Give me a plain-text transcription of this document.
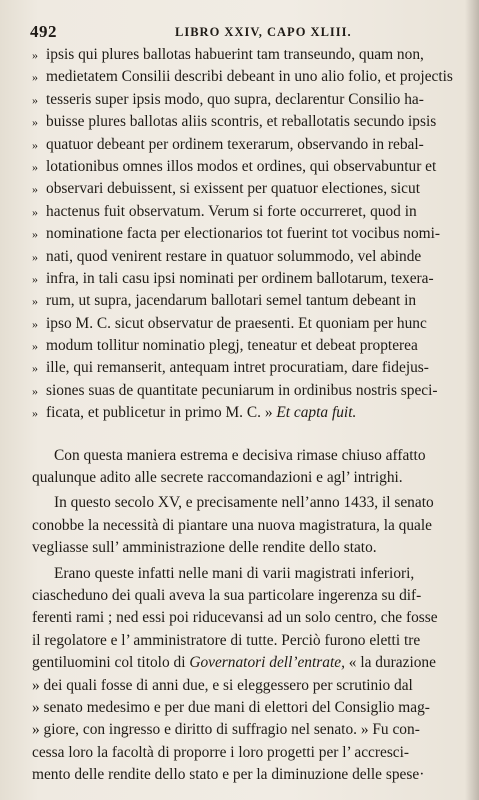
492	LIBRO XXIV, CAPO XLIII.
» ipsis qui plures ballotas habuerint tam transeundo, quam non,
» medietatem Consilii describi debeant in uno alio folio, et projectis
» tesseris super ipsis modo, quo supra, declarentur Consilio ha-
» buisse plures ballotas aliis scontris, et reballotatis secundo ipsis
» quatuor debeant per ordinem texerarum, observando in rebal-
» lotationibus omnes illos modos et ordines, qui observabuntur et
» observari debuissent, si exissent per quatuor electiones, sicut
» hactenus fuit observatum. Verum si forte occurreret, quod in
» nominatione facta per electionarios tot fuerint tot vocibus nomi-
» nati, quod venirent restare in quatuor solummodo, vel abinde
» infra, in tali casu ipsi nominati per ordinem ballotarum, texera-
» rum, ut supra, jacendarum ballotari semel tantum debeant in
» ipso M. C. sicut observatur de praesenti. Et quoniam per hunc
» modum tollitur nominatio plegj, teneatur et debeat propterea
» ille, qui remanserit, antequam intret procuratiam, dare fidejus-
» siones suas de quantitate pecuniarum in ordinibus nostris speci-
» ficata, et publicetur in primo M. C. » Et capta fuit.
Con questa maniera estrema e decisiva rimase chiuso affatto
qualunque adito alle secrete raccomandazioni e agl’ intrighi.
In questo secolo XV, e precisamente nell’anno 1433, il senato
conobbe la necessità di piantare una nuova magistratura, la quale
vegliasse sull’ amministrazione delle rendite dello stato.
Erano queste infatti nelle mani di varii magistrati inferiori,
ciascheduno dei quali aveva la sua particolare ingerenza su dif-
ferenti rami ; ned essi poi riducevansi ad un solo centro, che fosse
il regolatore e l’ amministratore di tutte. Perciò furono eletti tre
gentiluomini col titolo di Governatori dell’entrate, « la durazione
» dei quali fosse di anni due, e si eleggessero per scrutinio dal
» senato medesimo e per due mani di elettori del Consiglio mag-
» giore, con ingresso e diritto di suffragio nel senato. » Fu con-
cessa loro la facoltà di proporre i loro progetti per l’ accresci-
mento delle rendite dello stato e per la diminuzione delle spese·
